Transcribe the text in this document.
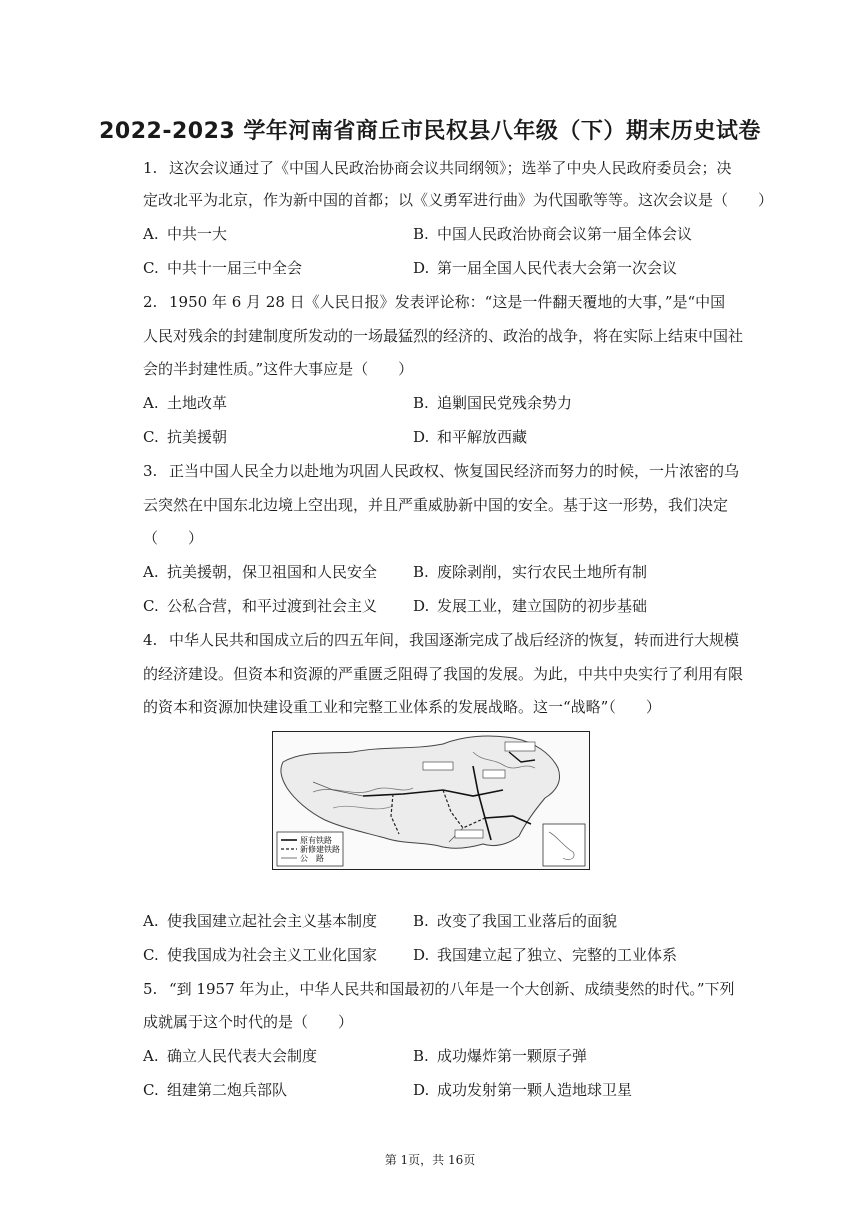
2022-2023 学年河南省商丘市民权县八年级（下）期末历史试卷
1. 这次会议通过了《中国人民政治协商会议共同纲领》；选举了中央人民政府委员会；决
定改北平为北京，作为新中国的首都；以《义勇军进行曲》为代国歌等等。这次会议是（　　）
A. 中共一大	B. 中国人民政治协商会议第一届全体会议
C. 中共十一届三中全会	D. 第一届全国人民代表大会第一次会议
2. 1950 年 6 月 28 日《人民日报》发表评论称：“这是一件翻天覆地的大事，”是“中国
人民对残余的封建制度所发动的一场最猛烈的经济的、政治的战争，将在实际上结束中国社
会的半封建性质。”这件大事应是（　　）
A. 土地改革	B. 追剿国民党残余势力
C. 抗美援朝	D. 和平解放西藏
3. 正当中国人民全力以赴地为巩固人民政权、恢复国民经济而努力的时候，一片浓密的乌
云突然在中国东北边境上空出现，并且严重威胁新中国的安全。基于这一形势，我们决定
（　　）
A. 抗美援朝，保卫祖国和人民安全 B. 废除剥削，实行农民土地所有制
C. 公私合营，和平过渡到社会主义 D. 发展工业，建立国防的初步基础
4. 中华人民共和国成立后的四五年间，我国逐渐完成了战后经济的恢复，转而进行大规模
的经济建设。但资本和资源的严重匮乏阻碍了我国的发展。为此，中共中央实行了利用有限
的资本和资源加快建设重工业和完整工业体系的发展战略。这一“战略”（　　）
原有铁路
新修建铁路
公　路
A. 使我国建立起社会主义基本制度 B. 改变了我国工业落后的面貌
C. 使我国成为社会主义工业化国家 D. 我国建立起了独立、完整的工业体系
5. “到 1957 年为止，中华人民共和国最初的八年是一个大创新、成绩斐然的时代。”下列
成就属于这个时代的是（　　）
A. 确立人民代表大会制度	B. 成功爆炸第一颗原子弹
C. 组建第二炮兵部队	D. 成功发射第一颗人造地球卫星
第 1页，共 16页
